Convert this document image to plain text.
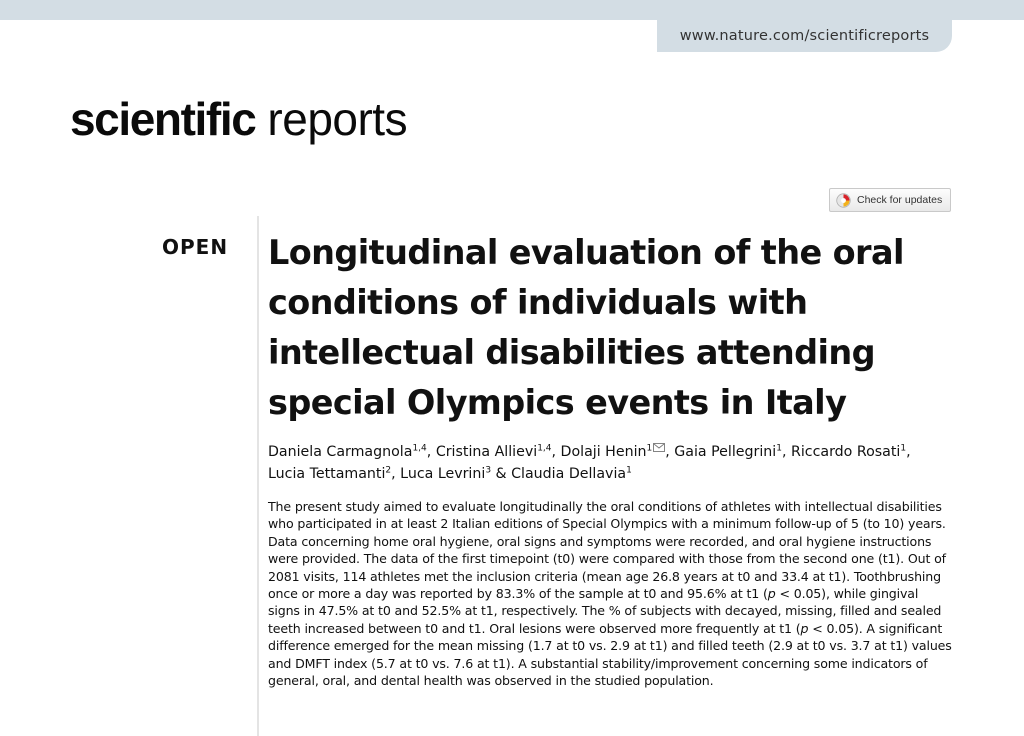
www.nature.com/scientificreports
scientific reports
Check for updates
OPEN Longitudinal evaluation of the oral conditions of individuals with intellectual disabilities attending special Olympics events in Italy
Daniela Carmagnola$^{1,4}$, Cristina Allievi$^{1,4}$, Dolaji Henin$^1$ , Gaia Pellegrini$^1$, Riccardo Rosati$^1$,
Lucia Tettamanti$^2$, Luca Levrini$^3$ & Claudia Dellavia$^1$

The present study aimed to evaluate longitudinally the oral conditions of athletes with intellectual disabilities who participated in at least 2 Italian editions of Special Olympics with a minimum follow-up of 5 (to 10) years. Data concerning home oral hygiene, oral signs and symptoms were recorded, and oral hygiene instructions were provided. The data of the first timepoint (t0) were compared with those from the second one (t1). Out of 2081 visits, 114 athletes met the inclusion criteria (mean age 26.8 years at t0 and 33.4 at t1). Toothbrushing once or more a day was reported by 83.3% of the sample at t0 and 95.6% at t1 (p < 0.05), while gingival signs in 47.5% at t0 and 52.5% at t1, respectively. The % of subjects with decayed, missing, filled and sealed teeth increased between t0 and t1. Oral lesions were observed more frequently at t1 (p < 0.05). A significant difference emerged for the mean missing (1.7 at t0 vs. 2.9 at t1) and filled teeth (2.9 at t0 vs. 3.7 at t1) values and DMFT index (5.7 at t0 vs. 7.6 at t1). A substantial stability/improvement concerning some indicators of general, oral, and dental health was observed in the studied population.
